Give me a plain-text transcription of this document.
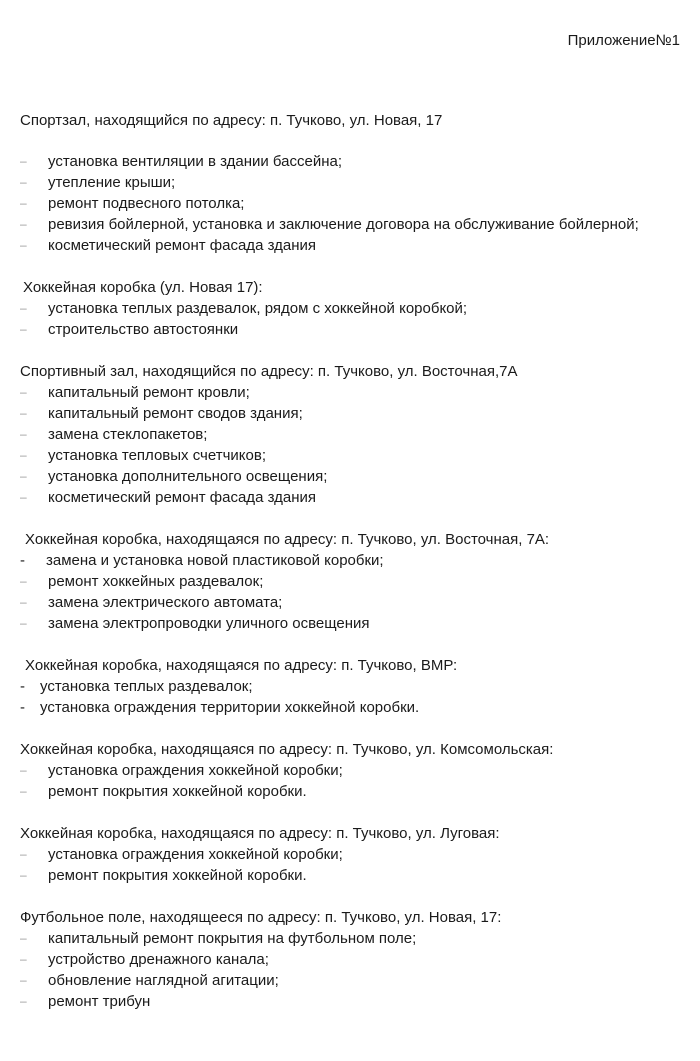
Приложение№1
Спортзал, находящийся по адресу: п. Тучково, ул. Новая, 17
–	установка вентиляции в здании бассейна;
–	утепление крыши;
–	ремонт подвесного потолка;
–	ревизия бойлерной, установка и заключение договора на обслуживание бойлерной;
–	косметический ремонт фасада здания
Хоккейная коробка (ул. Новая 17):
–	установка теплых раздевалок, рядом с хоккейной коробкой;
–	строительство автостоянки
Спортивный зал, находящийся по адресу: п. Тучково, ул. Восточная,7А
–	капитальный ремонт кровли;
–	капитальный ремонт сводов здания;
–	замена стеклопакетов;
–	установка тепловых счетчиков;
–	установка дополнительного освещения;
–	косметический ремонт фасада здания
Хоккейная коробка, находящаяся по адресу: п. Тучково, ул. Восточная, 7А:
-	замена и установка новой пластиковой коробки;
–	ремонт хоккейных раздевалок;
–	замена электрического автомата;
–	замена электропроводки уличного освещения
Хоккейная коробка, находящаяся по адресу: п. Тучково, ВМР:
-	установка теплых раздевалок;
-	установка ограждения территории хоккейной коробки.
Хоккейная коробка, находящаяся по адресу: п. Тучково, ул. Комсомольская:
–	установка ограждения хоккейной коробки;
–	ремонт покрытия хоккейной коробки.
Хоккейная коробка, находящаяся по адресу: п. Тучково, ул. Луговая:
–	установка ограждения хоккейной коробки;
–	ремонт покрытия хоккейной коробки.
Футбольное поле, находящееся по адресу: п. Тучково, ул. Новая, 17:
–	капитальный ремонт покрытия на футбольном поле;
–	устройство дренажного канала;
–	обновление наглядной агитации;
–	ремонт трибун
